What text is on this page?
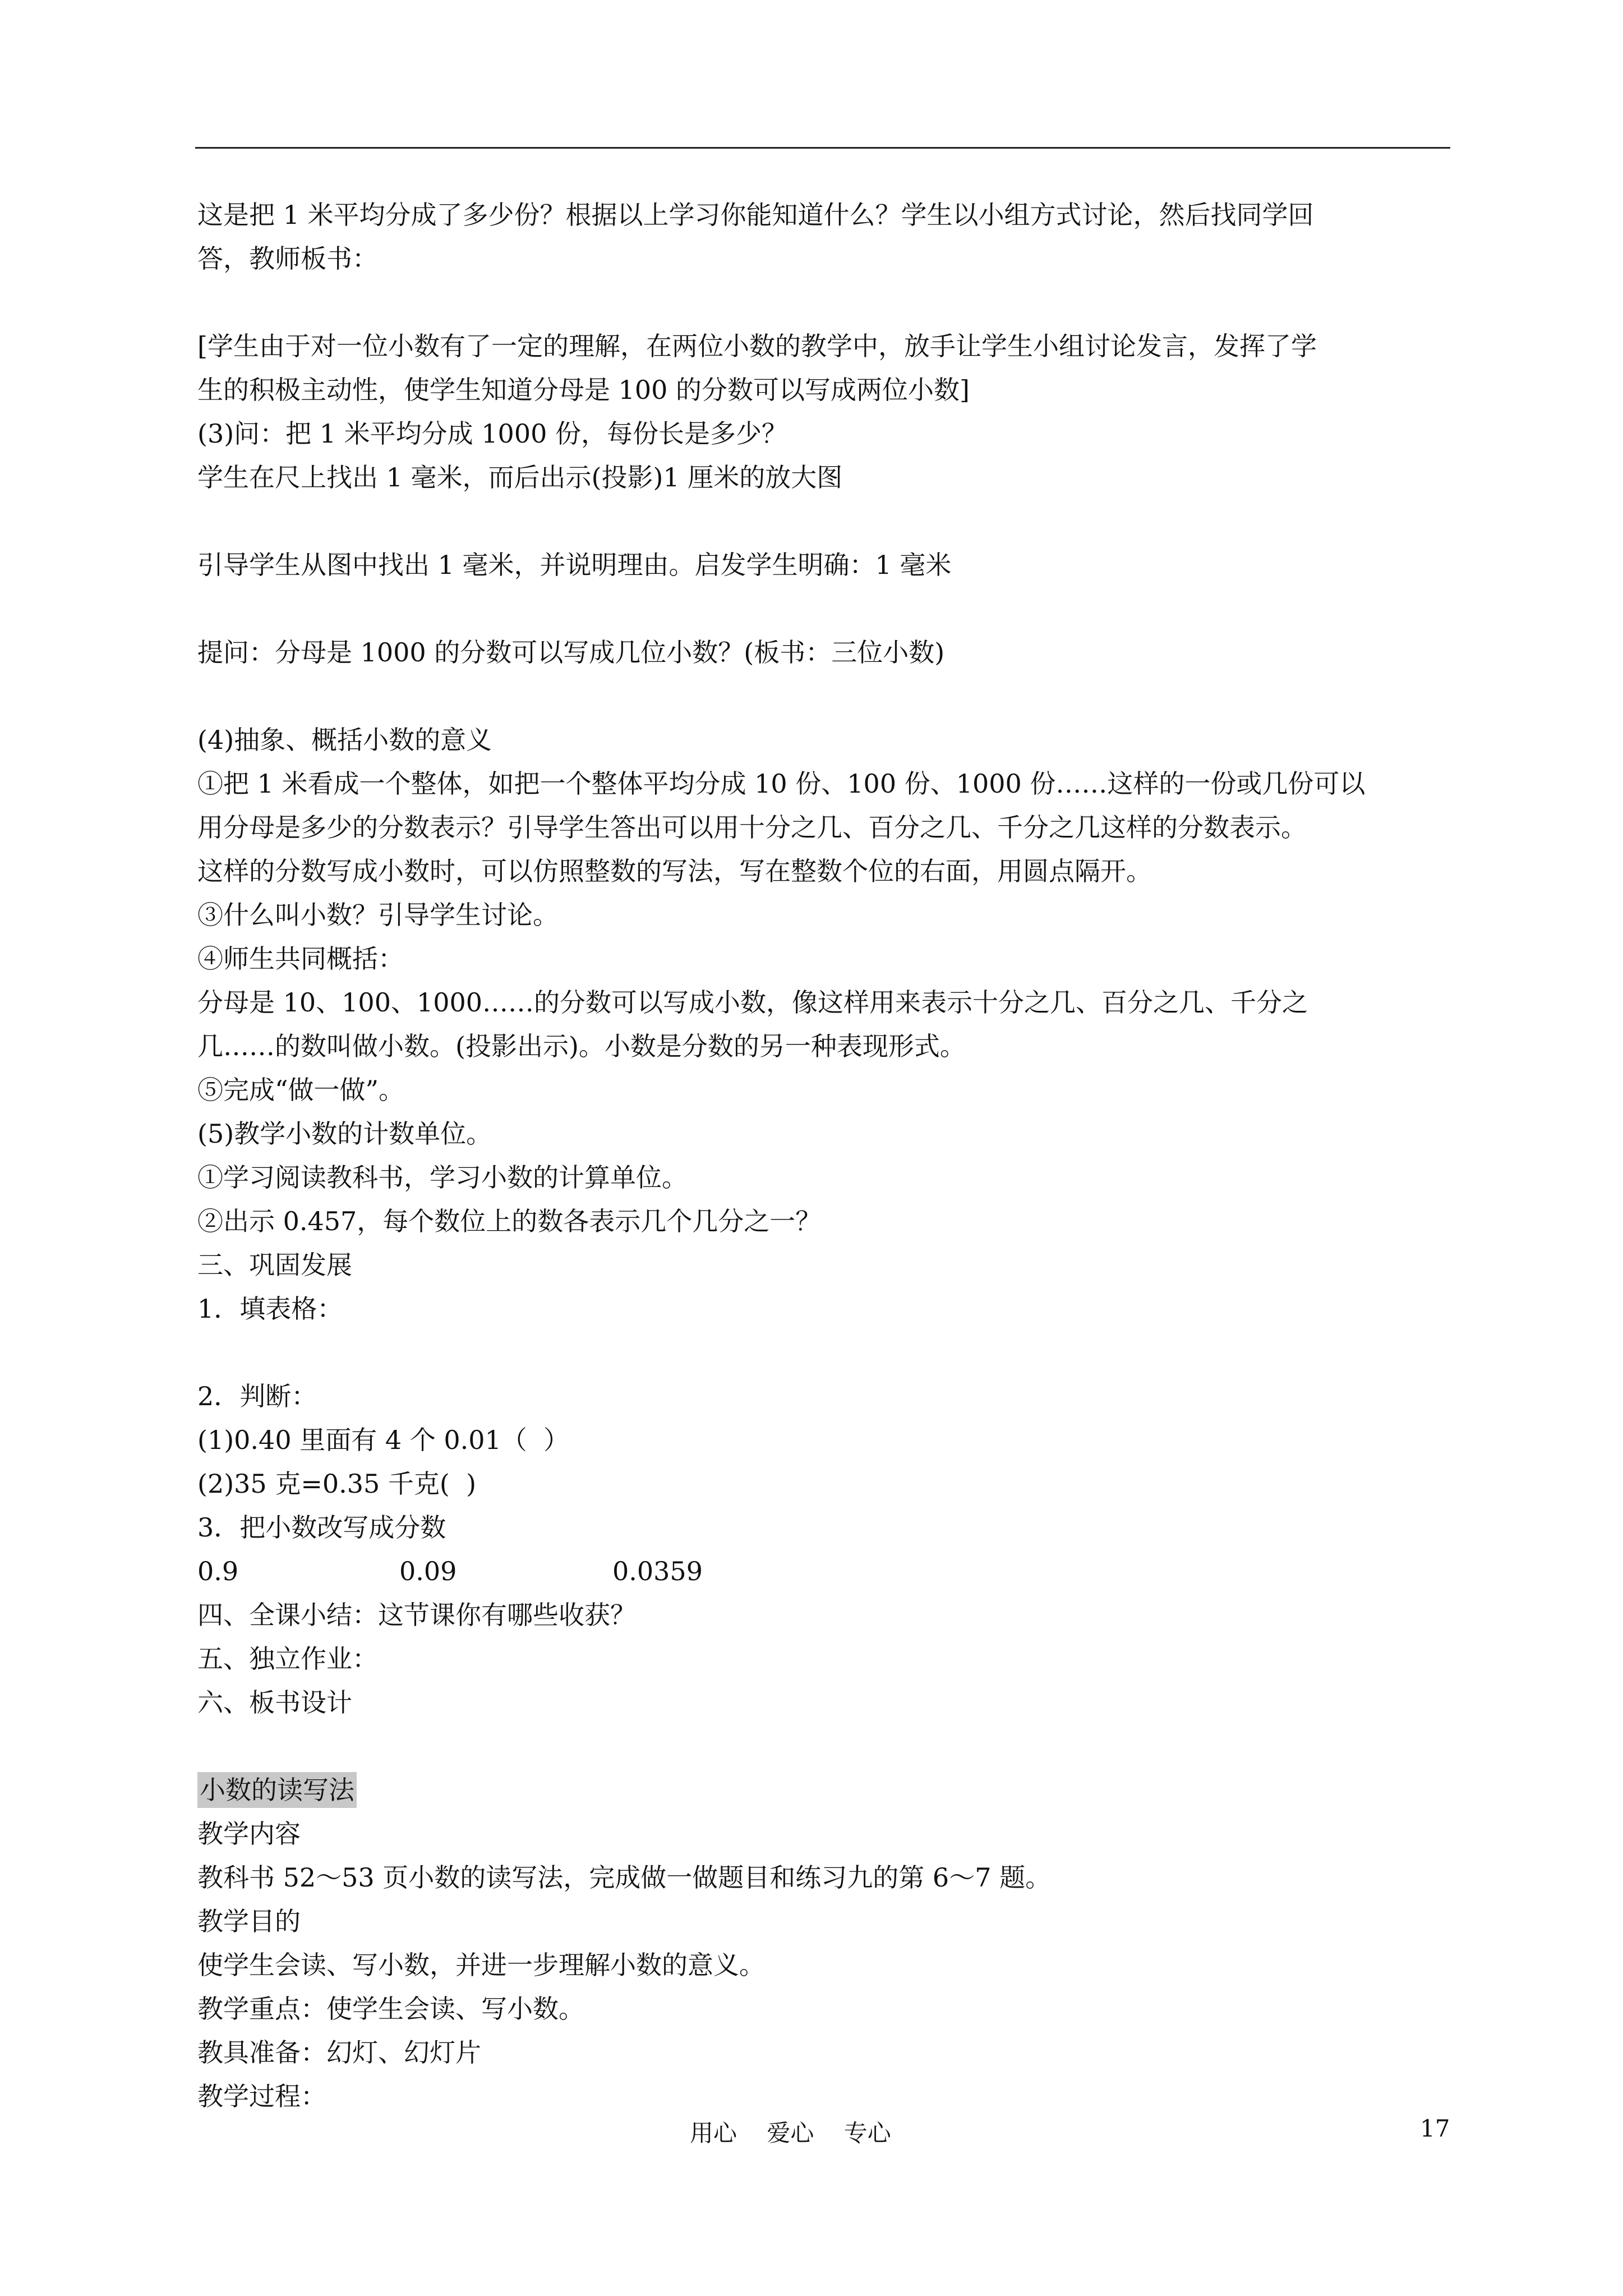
这是把 1 米平均分成了多少份？根据以上学习你能知道什么？学生以小组方式讨论，然后找同学回

答，教师板书：

[学生由于对一位小数有了一定的理解，在两位小数的教学中，放手让学生小组讨论发言，发挥了学

生的积极主动性，使学生知道分母是 100 的分数可以写成两位小数]

(3)问：把 1 米平均分成 1000 份，每份长是多少？

学生在尺上找出 1 毫米，而后出示(投影)1 厘米的放大图

引导学生从图中找出 1 毫米，并说明理由。启发学生明确：1 毫米

提问：分母是 1000 的分数可以写成几位小数？(板书：三位小数)

(4)抽象、概括小数的意义

①把 1 米看成一个整体，如把一个整体平均分成 10 份、100 份、1000 份……这样的一份或几份可以

用分母是多少的分数表示？引导学生答出可以用十分之几、百分之几、千分之几这样的分数表示。

这样的分数写成小数时，可以仿照整数的写法，写在整数个位的右面，用圆点隔开。

③什么叫小数？引导学生讨论。

④师生共同概括：

分母是 10、100、1000……的分数可以写成小数，像这样用来表示十分之几、百分之几、千分之

几……的数叫做小数。(投影出示)。小数是分数的另一种表现形式。

⑤完成“做一做”。

(5)教学小数的计数单位。

①学习阅读教科书，学习小数的计算单位。

②出示 0.457，每个数位上的数各表示几个几分之一？

三、巩固发展

1．填表格：

2．判断：

(1)0.40 里面有 4 个 0.01（  ）

(2)35 克=0.35 千克(  )

3．把小数改写成分数

0.9	0.09	0.0359

四、全课小结：这节课你有哪些收获？

五、独立作业：

六、板书设计

小数的读写法

教学内容

教科书 52～53 页小数的读写法，完成做一做题目和练习九的第 6～7 题。

教学目的

使学生会读、写小数，并进一步理解小数的意义。

教学重点：使学生会读、写小数。

教具准备：幻灯、幻灯片

教学过程：

用心    爱心    专心	17
